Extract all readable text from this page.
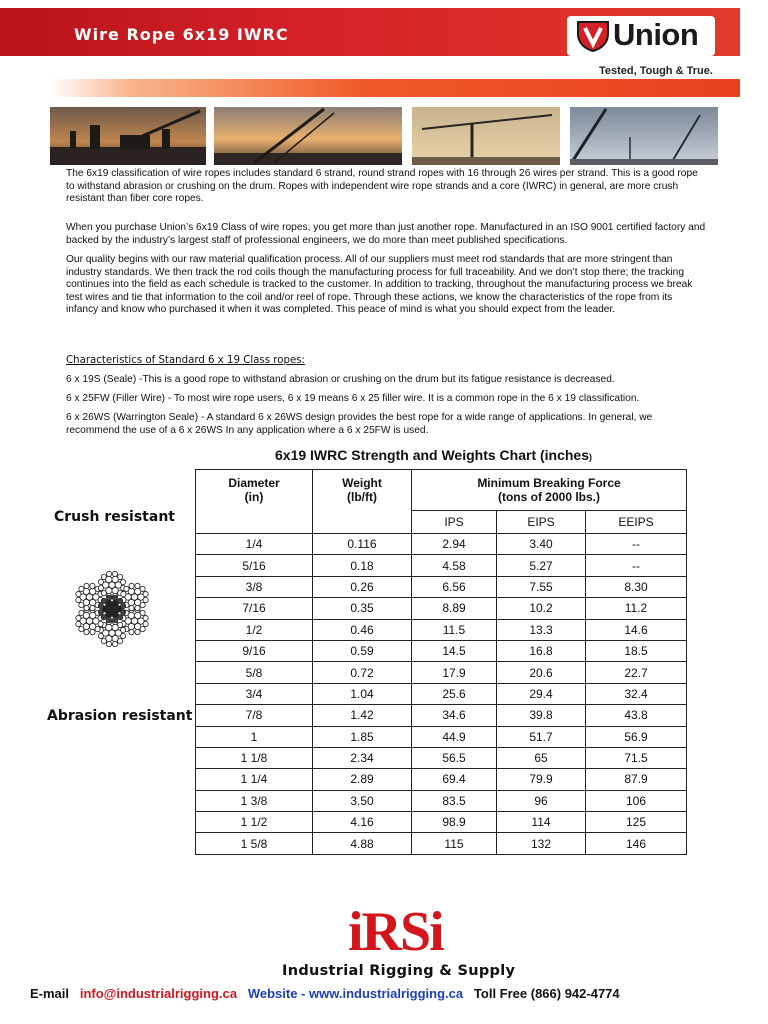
Wire Rope 6x19 IWRC	Union
Tested, Tough & True.

The 6x19 classification of wire ropes includes standard 6 strand, round strand ropes with 16 through 26 wires per strand. This is a good rope to withstand abrasion or crushing on the drum. Ropes with independent wire rope strands and a core (IWRC) in general, are more crush resistant than fiber core ropes.

When you purchase Union’s 6x19 Class of wire ropes, you get more than just another rope. Manufactured in an ISO 9001 certified factory and backed by the industry’s largest staff of professional engineers, we do more than meet published specifications.

Our quality begins with our raw material qualification process. All of our suppliers must meet rod standards that are more stringent than industry standards. We then track the rod coils though the manufacturing process for full traceability. And we don’t stop there; the tracking continues into the field as each schedule is tracked to the customer. In addition to tracking, throughout the manufacturing process we break test wires and tie that information to the coil and/or reel of rope. Through these actions, we know the characteristics of the rope from its infancy and know who purchased it when it was completed. This peace of mind is what you should expect from the leader.

Characteristics of Standard 6 x 19 Class ropes:

6 x 19S (Seale) -This is a good rope to withstand abrasion or crushing on the drum but its fatigue resistance is decreased.

6 x 25FW (Filler Wire) - To most wire rope users, 6 x 19 means 6 x 25 filler wire. It is a common rope in the 6 x 19 classification.

6 x 26WS (Warrington Seale) - A standard 6 x 26WS design provides the best rope for a wide range of applications. In general, we recommend the use of a 6 x 26WS In any application where a 6 x 25FW is used.

6x19 IWRC Strength and Weights Chart (inches)
Diameter
(in)	Weight
(lb/ft)	Minimum Breaking Force
(tons of 2000 lbs.)		
		IPS	EIPS	EEIPS
1/4	0.116	2.94	3.40	--
5/16	0.18	4.58	5.27	--
3/8	0.26	6.56	7.55	8.30
7/16	0.35	8.89	10.2	11.2
1/2	0.46	11.5	13.3	14.6
9/16	0.59	14.5	16.8	18.5
5/8	0.72	17.9	20.6	22.7
3/4	1.04	25.6	29.4	32.4
7/8	1.42	34.6	39.8	43.8
1	1.85	44.9	51.7	56.9
1 1/8	2.34	56.5	65	71.5
1 1/4	2.89	69.4	79.9	87.9
1 3/8	3.50	83.5	96	106
1 1/2	4.16	98.9	114	125
1 5/8	4.88	115	132	146
Crush resistant
Abrasion resistant
iRSi
Industrial Rigging & Supply
E-mail info@industrialrigging.ca Website - www.industrialrigging.ca Toll Free (866) 942-4774
